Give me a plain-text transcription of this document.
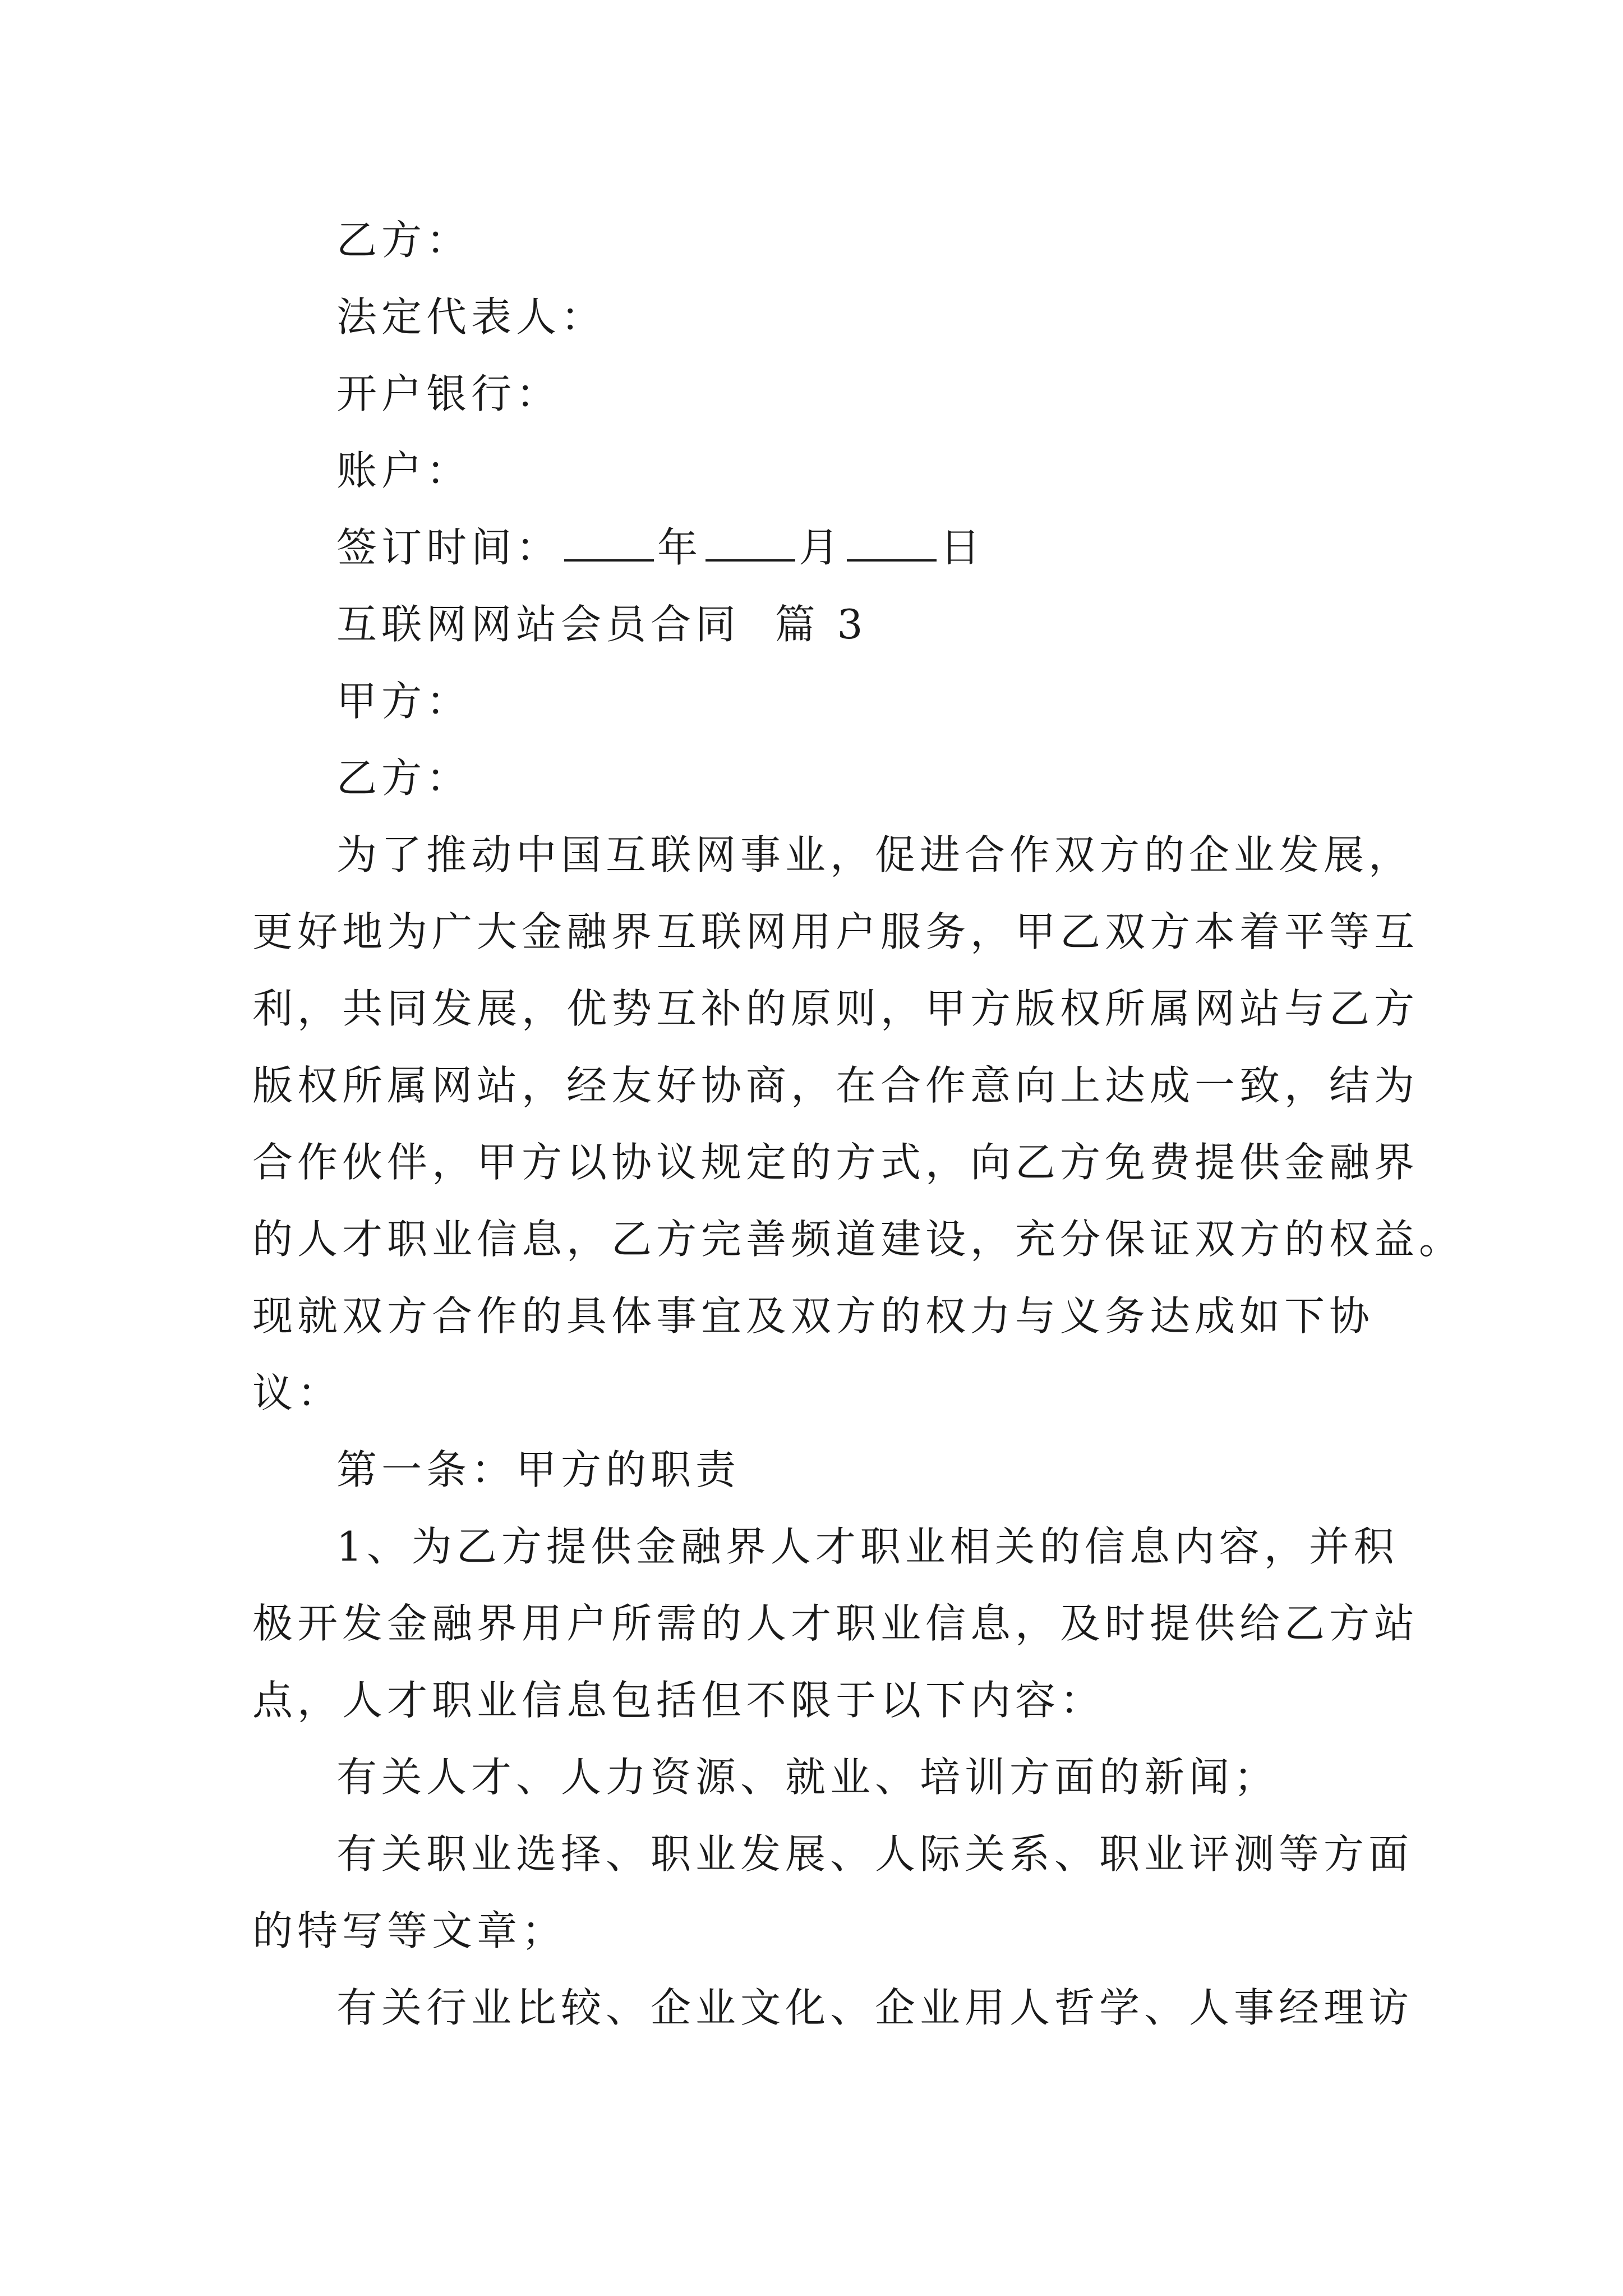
乙方：
法定代表人：
开户银行：
账户：
签订时间： 年 月 日
互联网网站会员合同  篇 3
甲方：
乙方：
为了推动中国互联网事业，促进合作双方的企业发展，
更好地为广大金融界互联网用户服务，甲乙双方本着平等互
利，共同发展，优势互补的原则，甲方版权所属网站与乙方
版权所属网站，经友好协商，在合作意向上达成一致，结为
合作伙伴，甲方以协议规定的方式，向乙方免费提供金融界
的人才职业信息，乙方完善频道建设，充分保证双方的权益。
现就双方合作的具体事宜及双方的权力与义务达成如下协
议：
第一条：甲方的职责
1、为乙方提供金融界人才职业相关的信息内容，并积
极开发金融界用户所需的人才职业信息，及时提供给乙方站
点，人才职业信息包括但不限于以下内容：
有关人才、人力资源、就业、培训方面的新闻；
有关职业选择、职业发展、人际关系、职业评测等方面
的特写等文章；
有关行业比较、企业文化、企业用人哲学、人事经理访
